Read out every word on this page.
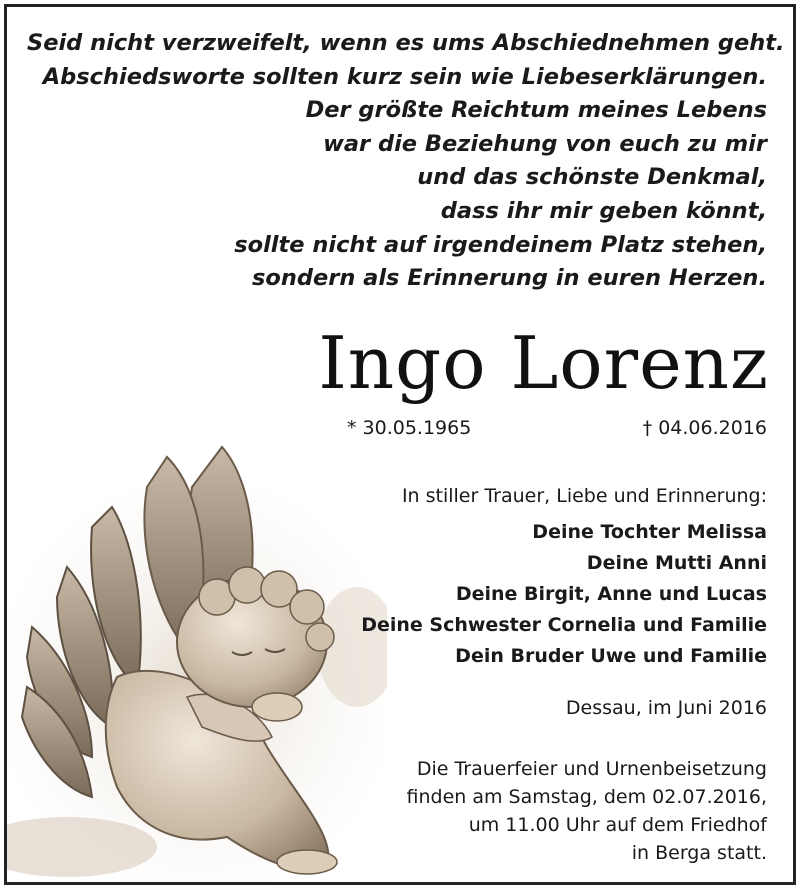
Seid nicht verzweifelt, wenn es ums Abschiednehmen geht.
Abschiedsworte sollten kurz sein wie Liebeserklärungen.
Der größte Reichtum meines Lebens
war die Beziehung von euch zu mir
und das schönste Denkmal,
dass ihr mir geben könnt,
sollte nicht auf irgendeinem Platz stehen,
sondern als Erinnerung in euren Herzen.
Ingo Lorenz
* 30.05.1965	† 04.06.2016
In stiller Trauer, Liebe und Erinnerung:
Deine Tochter Melissa
Deine Mutti Anni
Deine Birgit, Anne und Lucas
Deine Schwester Cornelia und Familie
Dein Bruder Uwe und Familie
Dessau, im Juni 2016
Die Trauerfeier und Urnenbeisetzung
finden am Samstag, dem 02.07.2016,
um 11.00 Uhr auf dem Friedhof
in Berga statt.
